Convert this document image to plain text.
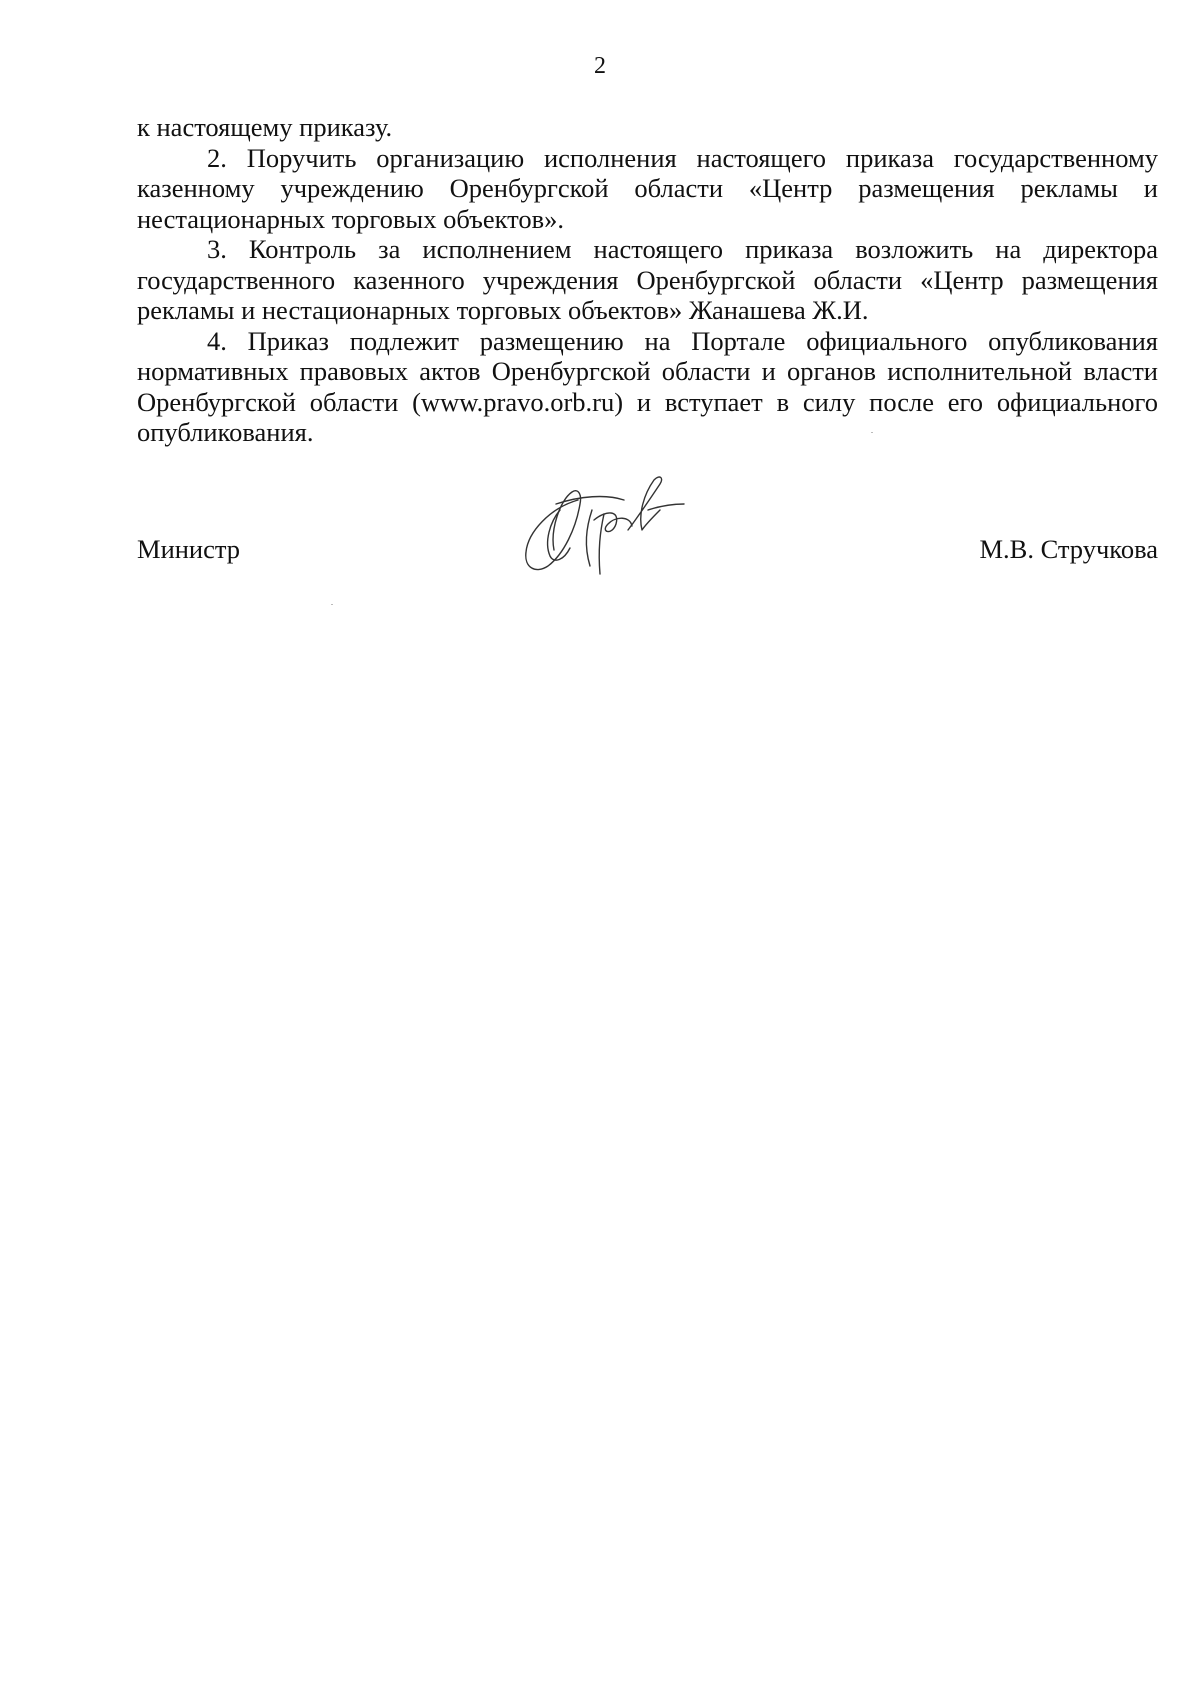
2

к настоящему приказу.

2. Поручить организацию исполнения настоящего приказа государственному казенному учреждению Оренбургской области «Центр размещения рекламы и нестационарных торговых объектов».

3. Контроль за исполнением настоящего приказа возложить на директора государственного казенного учреждения Оренбургской области «Центр размещения рекламы и нестационарных торговых объектов» Жанашева Ж.И.

4. Приказ подлежит размещению на Портале официального опубликования нормативных правовых актов Оренбургской области и органов исполнительной власти Оренбургской области (www.pravo.orb.ru) и вступает в силу после его официального опубликования.

Министр	М.В. Стручкова
